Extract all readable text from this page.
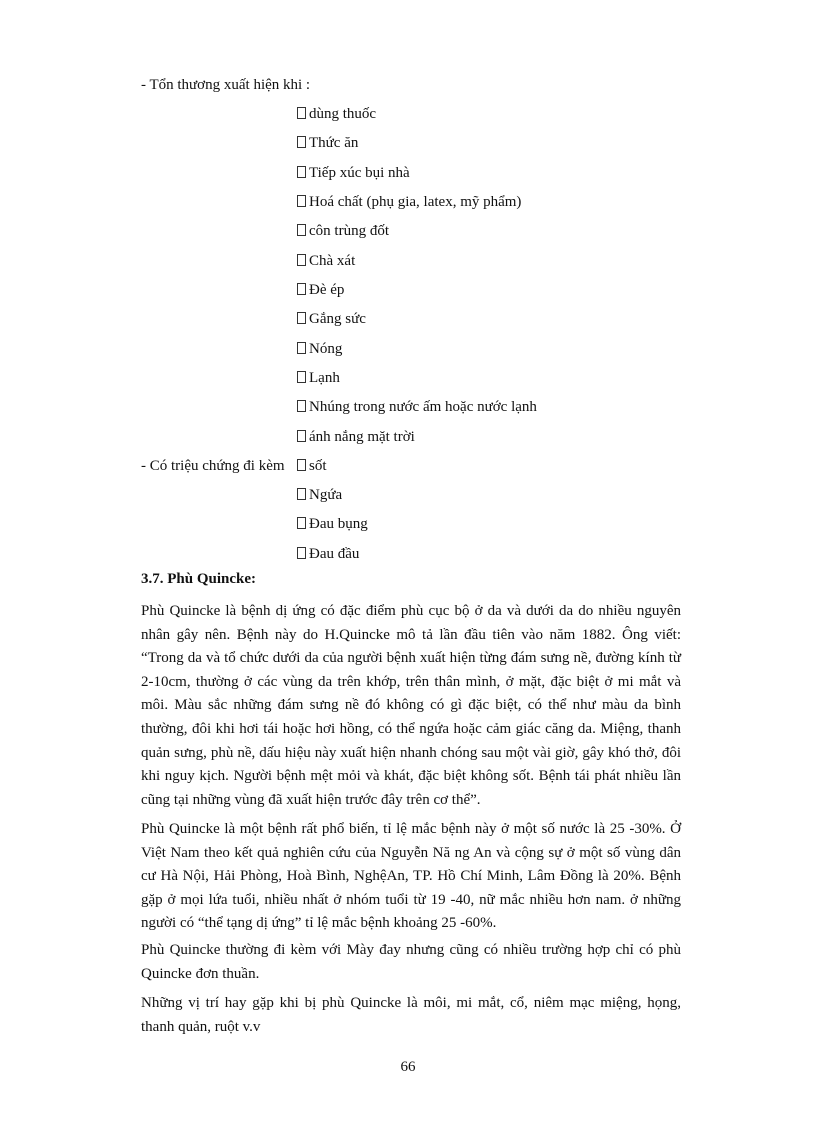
- Tổn thương xuất hiện khi :
dùng thuốc
Thức ăn
Tiếp xúc bụi nhà
Hoá chất (phụ gia, latex, mỹ phẩm)
côn trùng đốt
Chà xát
Đè ép
Gắng sức
Nóng
Lạnh
Nhúng trong nước ấm hoặc nước lạnh
ánh nắng mặt trời
- Có triệu chứng đi kèm	sốt
Ngứa
Đau bụng
Đau đầu
3.7. Phù Quincke:

Phù Quincke là bệnh dị ứng có đặc điểm phù cục bộ ở da và dưới da do nhiều nguyên nhân gây nên. Bệnh này do H.Quincke mô tả lần đầu tiên vào năm 1882. Ông viết: “Trong da và tổ chức dưới da của người bệnh xuất hiện từng đám sưng nề, đường kính từ 2-10cm, thường ở các vùng da trên khớp, trên thân mình, ở mặt, đặc biệt ở mi mắt và môi. Màu sắc những đám sưng nề đó không có gì đặc biệt, có thể như màu da bình thường, đôi khi hơi tái hoặc hơi hồng, có thể ngứa hoặc cảm giác căng da. Miệng, thanh quản sưng, phù nề, dấu hiệu này xuất hiện nhanh chóng sau một vài giờ, gây khó thở, đôi khi nguy kịch. Người bệnh mệt mỏi và khát, đặc biệt không sốt. Bệnh tái phát nhiều lần cũng tại những vùng đã xuất hiện trước đây trên cơ thể”.

Phù Quincke là một bệnh rất phổ biến, tỉ lệ mắc bệnh này ở một số nước là 25 -30%. Ở Việt Nam theo kết quả nghiên cứu của Nguyễn Nă ng An và cộng sự ở một số vùng dân cư Hà Nội, Hải Phòng, Hoà Bình, NghệAn, TP. Hồ Chí Minh, Lâm Đồng là 20%. Bệnh gặp ở mọi lứa tuổi, nhiều nhất ở nhóm tuổi từ 19 -40, nữ mắc nhiều hơn nam. ở những người có “thể tạng dị ứng” tỉ lệ mắc bệnh khoảng 25 -60%.

Phù Quincke thường đi kèm với Mày đay nhưng cũng có nhiều trường hợp chỉ có phù Quincke đơn thuần.

Những vị trí hay gặp khi bị phù Quincke là môi, mi mắt, cổ, niêm mạc miệng, họng, thanh quản, ruột v.v

66
